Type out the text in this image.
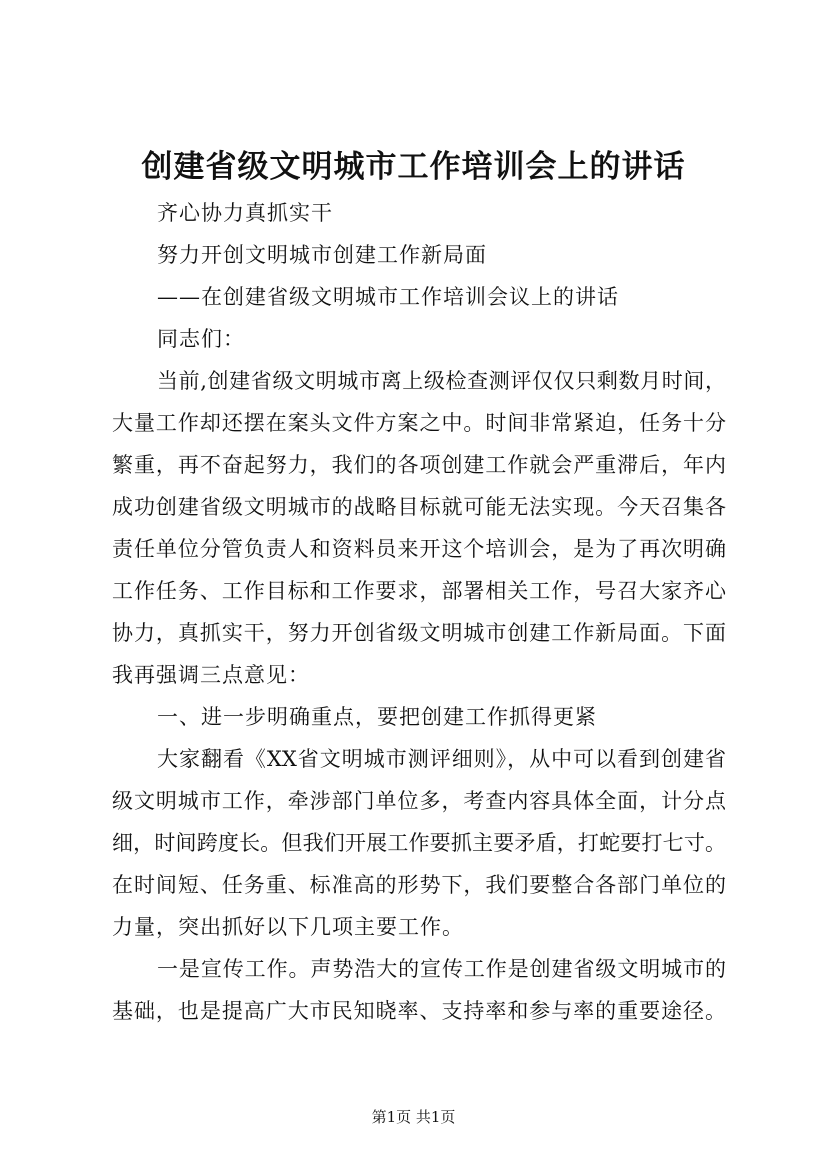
创建省级文明城市工作培训会上的讲话
齐心协力真抓实干
努力开创文明城市创建工作新局面
——在创建省级文明城市工作培训会议上的讲话
同志们：
当前,创建省级文明城市离上级检查测评仅仅只剩数月时间，
大量工作却还摆在案头文件方案之中。时间非常紧迫，任务十分
繁重，再不奋起努力，我们的各项创建工作就会严重滞后，年内
成功创建省级文明城市的战略目标就可能无法实现。今天召集各
责任单位分管负责人和资料员来开这个培训会，是为了再次明确
工作任务、工作目标和工作要求，部署相关工作，号召大家齐心
协力，真抓实干，努力开创省级文明城市创建工作新局面。下面
我再强调三点意见：
一、进一步明确重点，要把创建工作抓得更紧
大家翻看《XX省文明城市测评细则》，从中可以看到创建省
级文明城市工作，牵涉部门单位多，考查内容具体全面，计分点
细，时间跨度长。但我们开展工作要抓主要矛盾，打蛇要打七寸。
在时间短、任务重、标准高的形势下，我们要整合各部门单位的
力量，突出抓好以下几项主要工作。
一是宣传工作。声势浩大的宣传工作是创建省级文明城市的
基础，也是提高广大市民知晓率、支持率和参与率的重要途径。
第1页 共1页
